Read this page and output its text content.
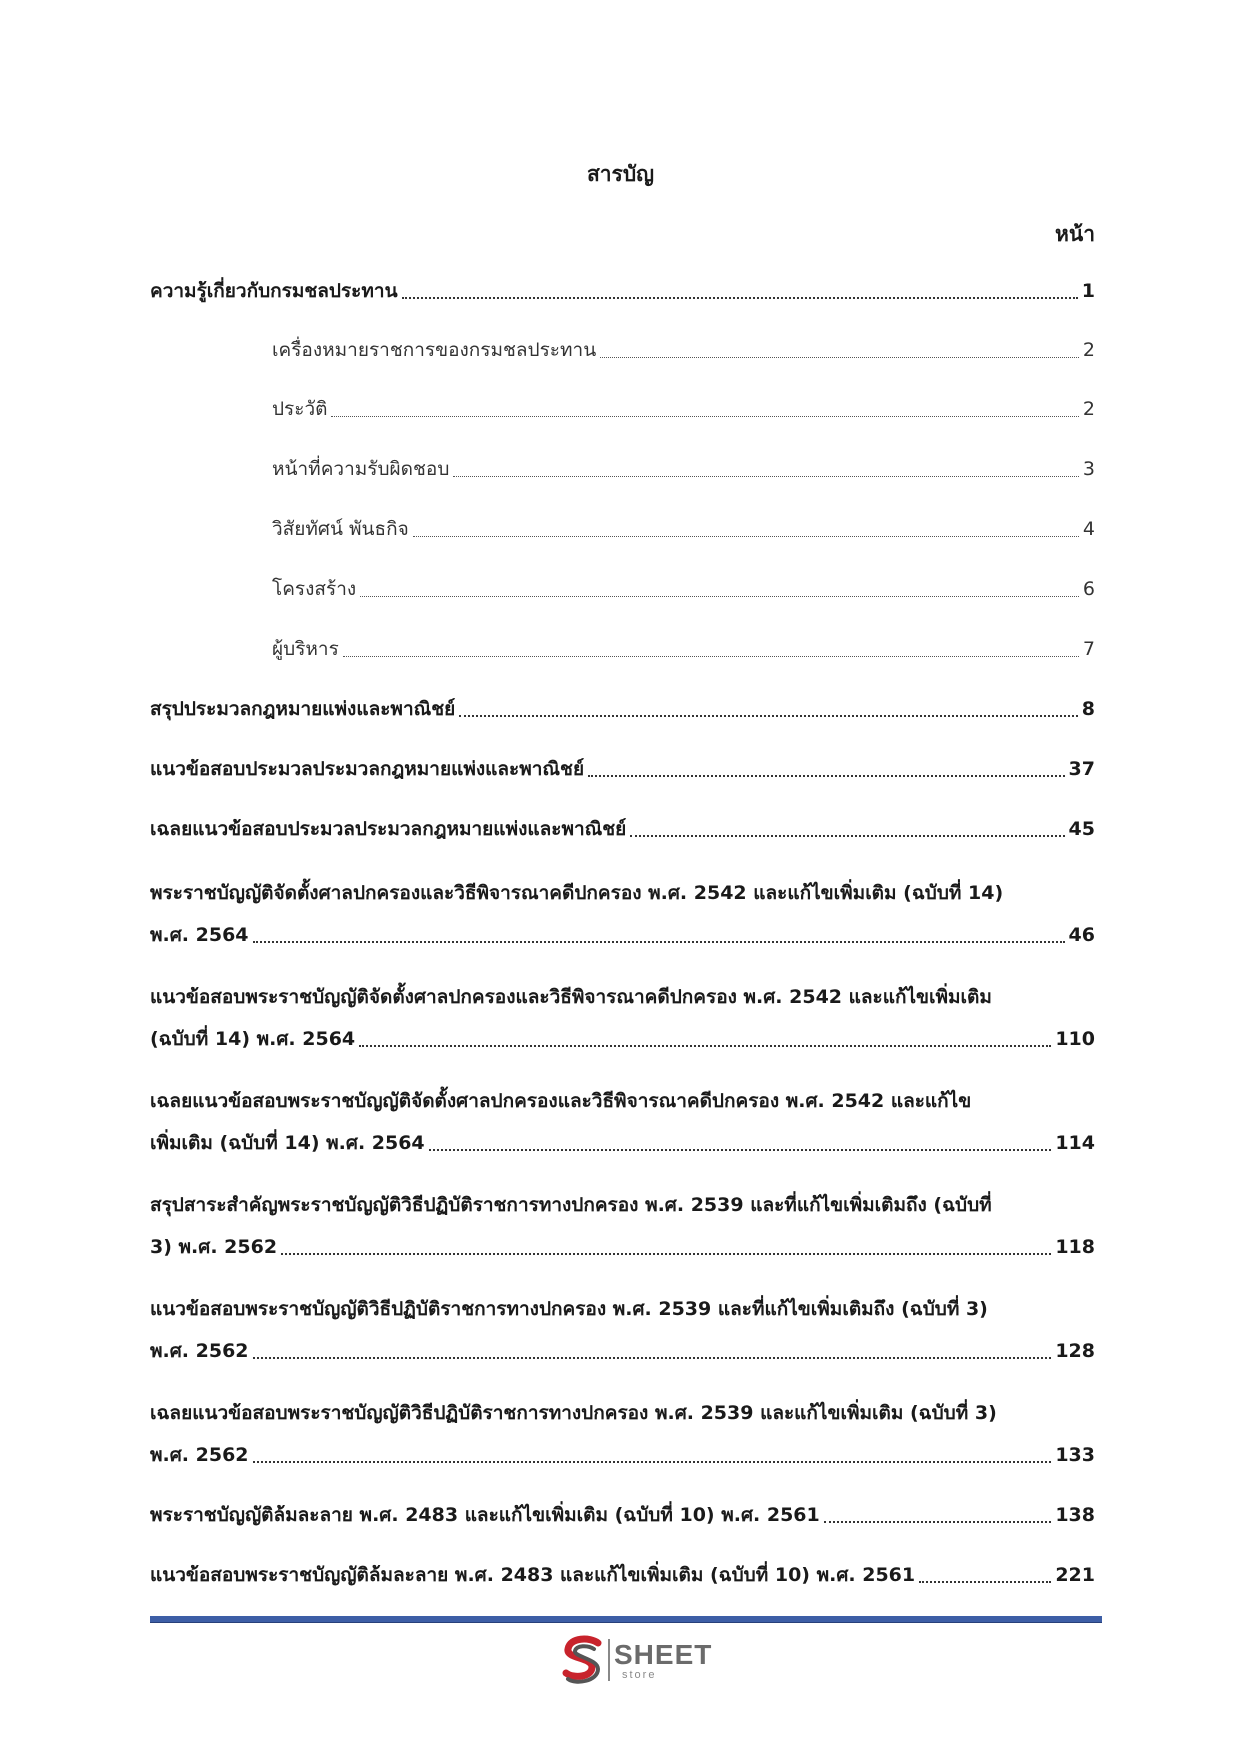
สารบัญ
หน้า
ความรู้เกี่ยวกับกรมชลประทาน	1
เครื่องหมายราชการของกรมชลประทาน	2
ประวัติ	2
หน้าที่ความรับผิดชอบ	3
วิสัยทัศน์ พันธกิจ	4
โครงสร้าง	6
ผู้บริหาร	7
สรุปประมวลกฎหมายแพ่งและพาณิชย์	8
แนวข้อสอบประมวลประมวลกฎหมายแพ่งและพาณิชย์	37
เฉลยแนวข้อสอบประมวลประมวลกฎหมายแพ่งและพาณิชย์	45
พระราชบัญญัติจัดตั้งศาลปกครองและวิธีพิจารณาคดีปกครอง พ.ศ. 2542 และแก้ไขเพิ่มเติม (ฉบับที่ 14)
พ.ศ. 2564	46
แนวข้อสอบพระราชบัญญัติจัดตั้งศาลปกครองและวิธีพิจารณาคดีปกครอง พ.ศ. 2542 และแก้ไขเพิ่มเติม
(ฉบับที่ 14) พ.ศ. 2564	110
เฉลยแนวข้อสอบพระราชบัญญัติจัดตั้งศาลปกครองและวิธีพิจารณาคดีปกครอง พ.ศ. 2542 และแก้ไข
เพิ่มเติม (ฉบับที่ 14) พ.ศ. 2564	114
สรุปสาระสำคัญพระราชบัญญัติวิธีปฏิบัติราชการทางปกครอง พ.ศ. 2539 และที่แก้ไขเพิ่มเติมถึง (ฉบับที่
3) พ.ศ. 2562	118
แนวข้อสอบพระราชบัญญัติวิธีปฏิบัติราชการทางปกครอง พ.ศ. 2539 และที่แก้ไขเพิ่มเติมถึง (ฉบับที่ 3)
พ.ศ. 2562	128
เฉลยแนวข้อสอบพระราชบัญญัติวิธีปฏิบัติราชการทางปกครอง พ.ศ. 2539 และแก้ไขเพิ่มเติม (ฉบับที่ 3)
พ.ศ. 2562	133
พระราชบัญญัติล้มละลาย พ.ศ. 2483 และแก้ไขเพิ่มเติม (ฉบับที่ 10) พ.ศ. 2561	138
แนวข้อสอบพระราชบัญญัติล้มละลาย พ.ศ. 2483 และแก้ไขเพิ่มเติม (ฉบับที่ 10) พ.ศ. 2561	221
SHEET
store
